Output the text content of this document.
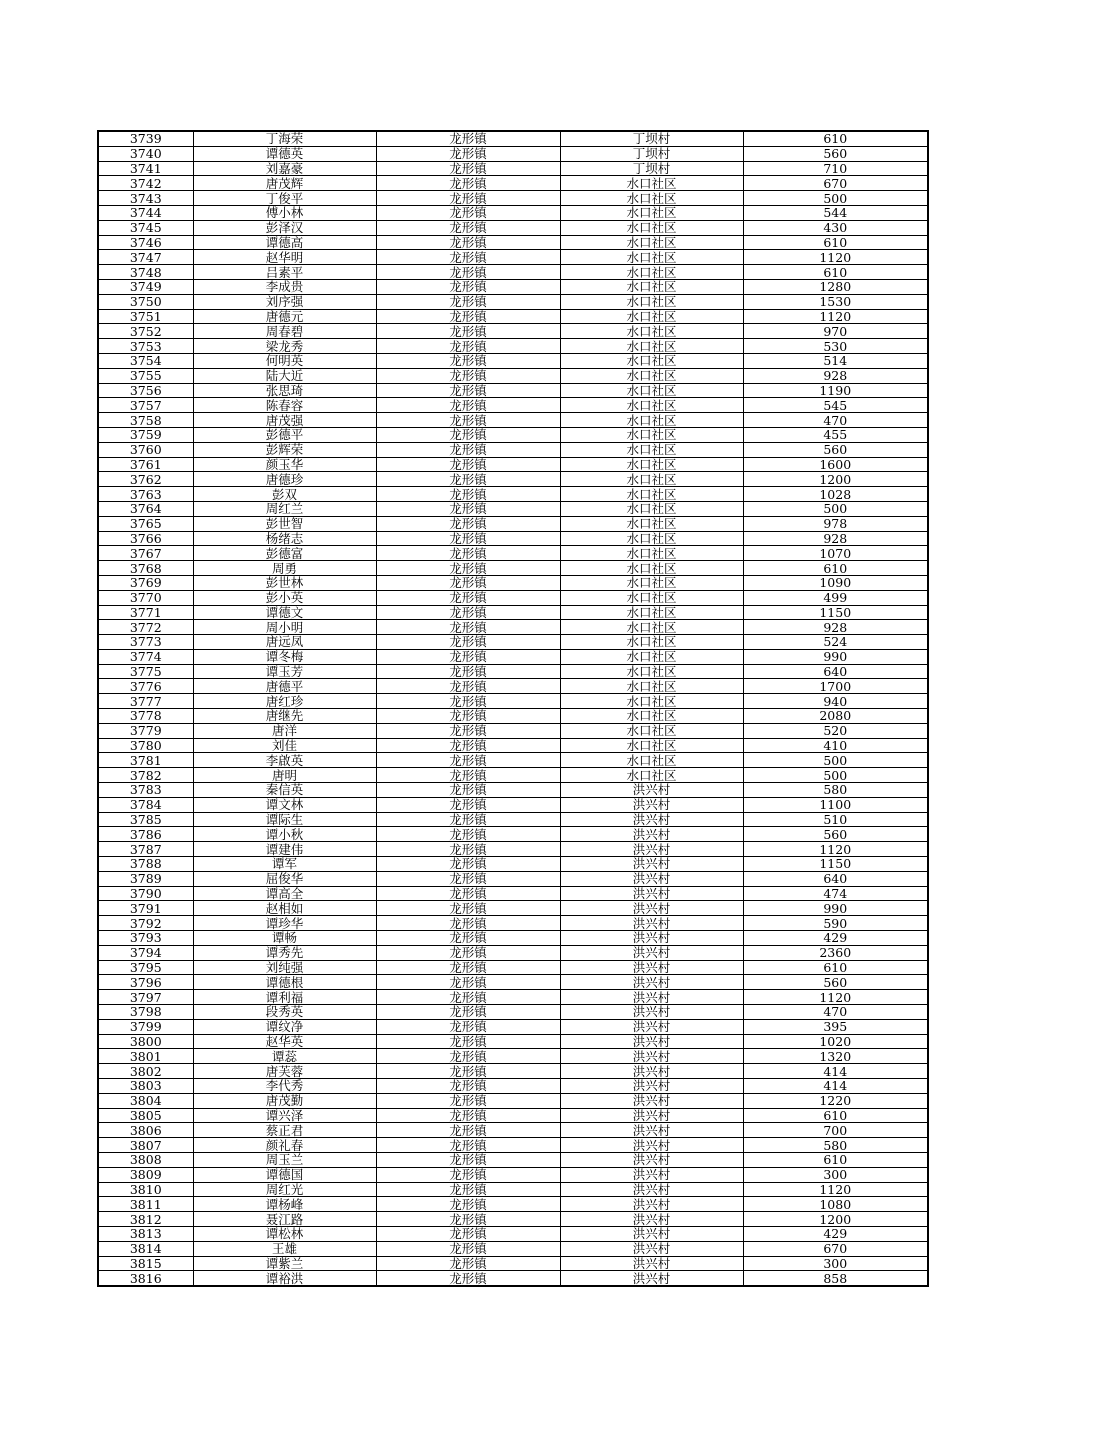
3739	丁海荣	龙形镇	丁坝村	610
3740	谭德英	龙形镇	丁坝村	560
3741	刘嘉豪	龙形镇	丁坝村	710
3742	唐茂辉	龙形镇	水口社区	670
3743	丁俊平	龙形镇	水口社区	500
3744	傅小林	龙形镇	水口社区	544
3745	彭泽汉	龙形镇	水口社区	430
3746	谭德高	龙形镇	水口社区	610
3747	赵华明	龙形镇	水口社区	1120
3748	吕素平	龙形镇	水口社区	610
3749	李成贵	龙形镇	水口社区	1280
3750	刘序强	龙形镇	水口社区	1530
3751	唐德元	龙形镇	水口社区	1120
3752	周春碧	龙形镇	水口社区	970
3753	梁龙秀	龙形镇	水口社区	530
3754	何明英	龙形镇	水口社区	514
3755	陆大近	龙形镇	水口社区	928
3756	张思琦	龙形镇	水口社区	1190
3757	陈春容	龙形镇	水口社区	545
3758	唐茂强	龙形镇	水口社区	470
3759	彭德平	龙形镇	水口社区	455
3760	彭辉荣	龙形镇	水口社区	560
3761	颜玉华	龙形镇	水口社区	1600
3762	唐德珍	龙形镇	水口社区	1200
3763	彭双	龙形镇	水口社区	1028
3764	周红兰	龙形镇	水口社区	500
3765	彭世智	龙形镇	水口社区	978
3766	杨绪志	龙形镇	水口社区	928
3767	彭德富	龙形镇	水口社区	1070
3768	周勇	龙形镇	水口社区	610
3769	彭世林	龙形镇	水口社区	1090
3770	彭小英	龙形镇	水口社区	499
3771	谭德文	龙形镇	水口社区	1150
3772	周小明	龙形镇	水口社区	928
3773	唐远凤	龙形镇	水口社区	524
3774	谭冬梅	龙形镇	水口社区	990
3775	谭玉芳	龙形镇	水口社区	640
3776	唐德平	龙形镇	水口社区	1700
3777	唐红珍	龙形镇	水口社区	940
3778	唐继先	龙形镇	水口社区	2080
3779	唐洋	龙形镇	水口社区	520
3780	刘佳	龙形镇	水口社区	410
3781	李啟英	龙形镇	水口社区	500
3782	唐明	龙形镇	水口社区	500
3783	秦信英	龙形镇	洪兴村	580
3784	谭文林	龙形镇	洪兴村	1100
3785	谭际生	龙形镇	洪兴村	510
3786	谭小秋	龙形镇	洪兴村	560
3787	谭建伟	龙形镇	洪兴村	1120
3788	谭军	龙形镇	洪兴村	1150
3789	屈俊华	龙形镇	洪兴村	640
3790	谭高全	龙形镇	洪兴村	474
3791	赵相如	龙形镇	洪兴村	990
3792	谭珍华	龙形镇	洪兴村	590
3793	谭畅	龙形镇	洪兴村	429
3794	谭秀先	龙形镇	洪兴村	2360
3795	刘纯强	龙形镇	洪兴村	610
3796	谭德根	龙形镇	洪兴村	560
3797	谭利福	龙形镇	洪兴村	1120
3798	段秀英	龙形镇	洪兴村	470
3799	谭纹净	龙形镇	洪兴村	395
3800	赵华英	龙形镇	洪兴村	1020
3801	谭蕊	龙形镇	洪兴村	1320
3802	唐芙蓉	龙形镇	洪兴村	414
3803	李代秀	龙形镇	洪兴村	414
3804	唐茂勤	龙形镇	洪兴村	1220
3805	谭兴泽	龙形镇	洪兴村	610
3806	蔡正君	龙形镇	洪兴村	700
3807	颜礼春	龙形镇	洪兴村	580
3808	周玉兰	龙形镇	洪兴村	610
3809	谭德国	龙形镇	洪兴村	300
3810	周红光	龙形镇	洪兴村	1120
3811	谭杨峰	龙形镇	洪兴村	1080
3812	聂江路	龙形镇	洪兴村	1200
3813	谭松林	龙形镇	洪兴村	429
3814	王雄	龙形镇	洪兴村	670
3815	谭紫兰	龙形镇	洪兴村	300
3816	谭裕洪	龙形镇	洪兴村	858
